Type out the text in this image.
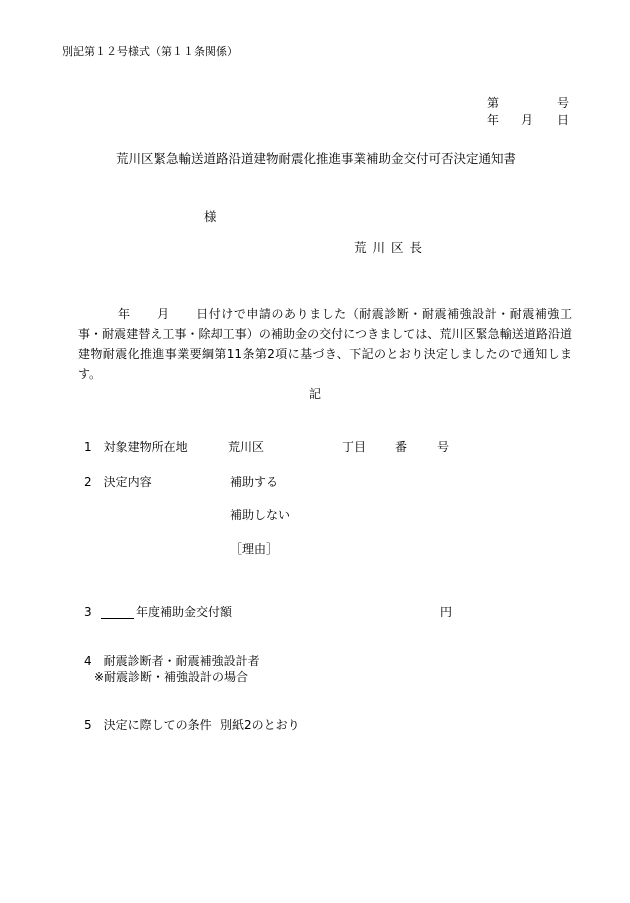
別記第１２号様式（第１１条関係）
第	号
年 月 日
荒川区緊急輸送道路沿道建物耐震化推進事業補助金交付可否決定通知書
様
荒川区長
年 月 日付けで申請のありました（耐震診断・耐震補強設計・耐震補強工事・耐震建替え工事・除却工事）の補助金の交付につきましては、荒川区緊急輸送道路沿道建物耐震化推進事業要綱第11条第2項に基づき、下記のとおり決定しましたので通知します。
記
1　対象建物所在地	荒川区	丁目 番 号
2　決定内容	補助する
補助しない
［理由］
3	年度補助金交付額	円
4　耐震診断者・耐震補強設計者
※耐震診断・補強設計の場合
5　決定に際しての条件 別紙2のとおり
